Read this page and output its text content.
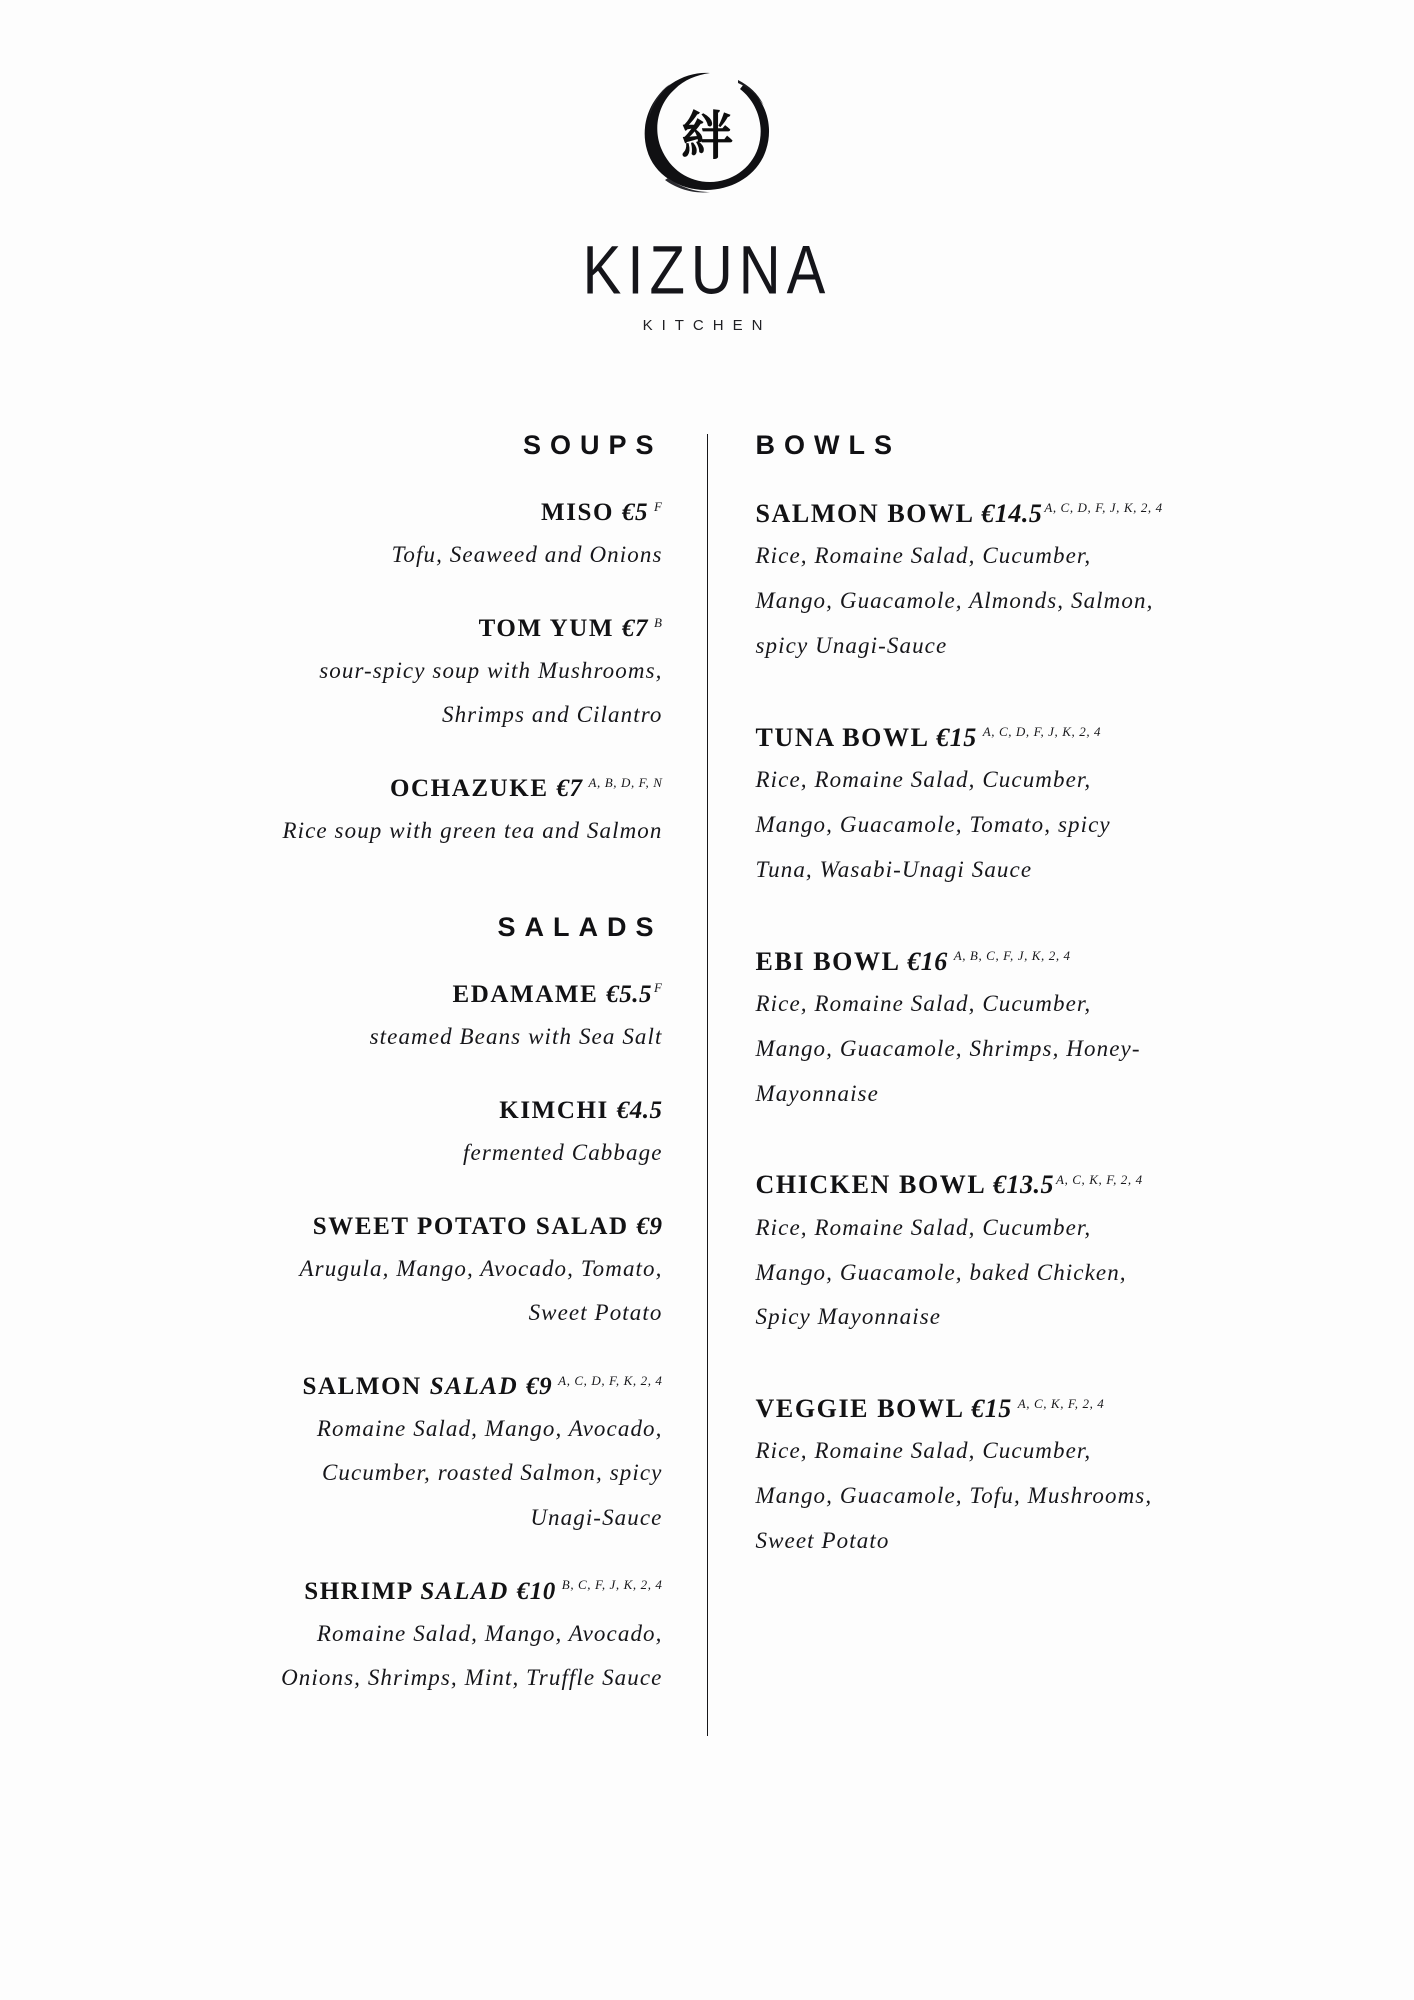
絆
KIZUNA
KITCHEN
SOUPS
MISO €5 $^F$
Tofu, Seaweed and Onions
TOM YUM €7 $^B$
sour-spicy soup with Mushrooms, Shrimps and Cilantro
OCHAZUKE €7 $^{A, B, D, F, N}$
Rice soup with green tea and Salmon
SALADS
EDAMAME €5.5 $^F$
steamed Beans with Sea Salt
KIMCHI €4.5
fermented Cabbage
SWEET POTATO SALAD €9
Arugula, Mango, Avocado, Tomato, Sweet Potato
SALMON SALAD €9 $^{A, C, D, F, K, 2, 4}$
Romaine Salad, Mango, Avocado, Cucumber, roasted Salmon, spicy Unagi-Sauce
SHRIMP SALAD €10 $^{B, C, F, J, K, 2, 4}$
Romaine Salad, Mango, Avocado, Onions, Shrimps, Mint, Truffle Sauce
BOWLS
SALMON BOWL €14.5 $^{A, C, D, F, J, K, 2, 4}$
Rice, Romaine Salad, Cucumber, Mango, Guacamole, Almonds, Salmon, spicy Unagi-Sauce
TUNA BOWL €15 $^{A, C, D, F, J, K, 2, 4}$
Rice, Romaine Salad, Cucumber, Mango, Guacamole, Tomato, spicy Tuna, Wasabi-Unagi Sauce
EBI BOWL €16 $^{A, B, C, F, J, K, 2, 4}$
Rice, Romaine Salad, Cucumber, Mango, Guacamole, Shrimps, Honey-Mayonnaise
CHICKEN BOWL €13.5 $^{A, C, K, F, 2, 4}$
Rice, Romaine Salad, Cucumber, Mango, Guacamole, baked Chicken, Spicy Mayonnaise
VEGGIE BOWL €15 $^{A, C, K, F, 2, 4}$
Rice, Romaine Salad, Cucumber, Mango, Guacamole, Tofu, Mushrooms, Sweet Potato
